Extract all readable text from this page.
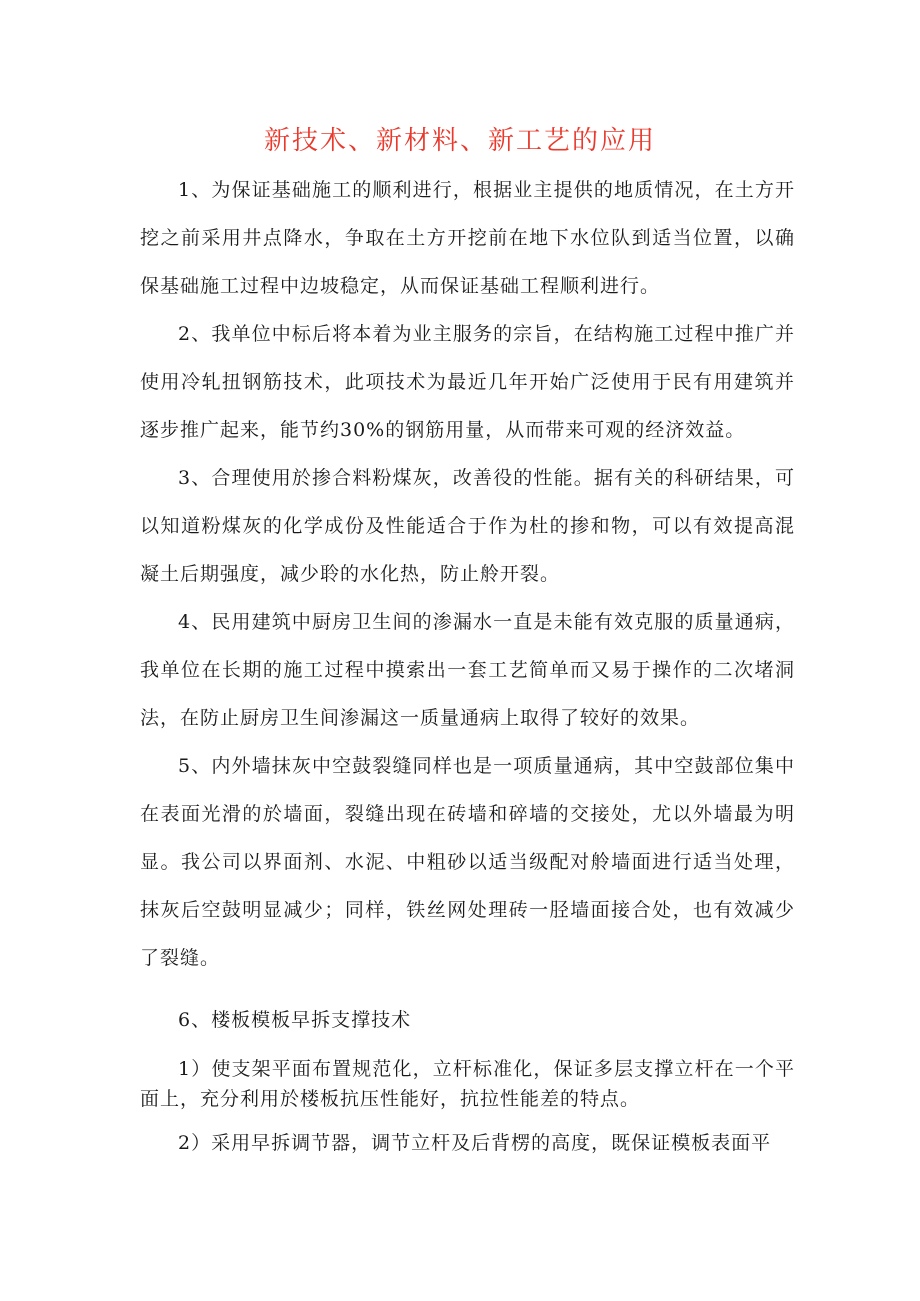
新技术、新材料、新工艺的应用

1、为保证基础施工的顺利进行，根据业主提供的地质情况，在土方开挖之前采用井点降水，争取在土方开挖前在地下水位队到适当位置，以确保基础施工过程中边坡稳定，从而保证基础工程顺利进行。

2、我单位中标后将本着为业主服务的宗旨，在结构施工过程中推广并使用冷轧扭钢筋技术，此项技术为最近几年开始广泛使用于民有用建筑并逐步推广起来，能节约30%的钢筋用量，从而带来可观的经济效益。

3、合理使用於掺合料粉煤灰，改善役的性能。据有关的科研结果，可以知道粉煤灰的化学成份及性能适合于作为杜的掺和物，可以有效提高混凝土后期强度，减少聆的水化热，防止舲开裂。

4、民用建筑中厨房卫生间的渗漏水一直是未能有效克服的质量通病，我单位在长期的施工过程中摸索出一套工艺简单而又易于操作的二次堵洞法，在防止厨房卫生间渗漏这一质量通病上取得了较好的效果。

5、内外墙抹灰中空鼓裂缝同样也是一项质量通病，其中空鼓部位集中在表面光滑的於墙面，裂缝出现在砖墙和碎墙的交接处，尤以外墙最为明显。我公司以界面剂、水泥、中粗砂以适当级配对舲墙面进行适当处理，抹灰后空鼓明显减少；同样，铁丝网处理砖一胫墙面接合处，也有效减少了裂缝。

6、楼板模板早拆支撑技术

1）使支架平面布置规范化，立杆标准化，保证多层支撑立杆在一个平面上，充分利用於楼板抗压性能好，抗拉性能差的特点。

2）采用早拆调节器，调节立杆及后背楞的高度，既保证模板表面平
